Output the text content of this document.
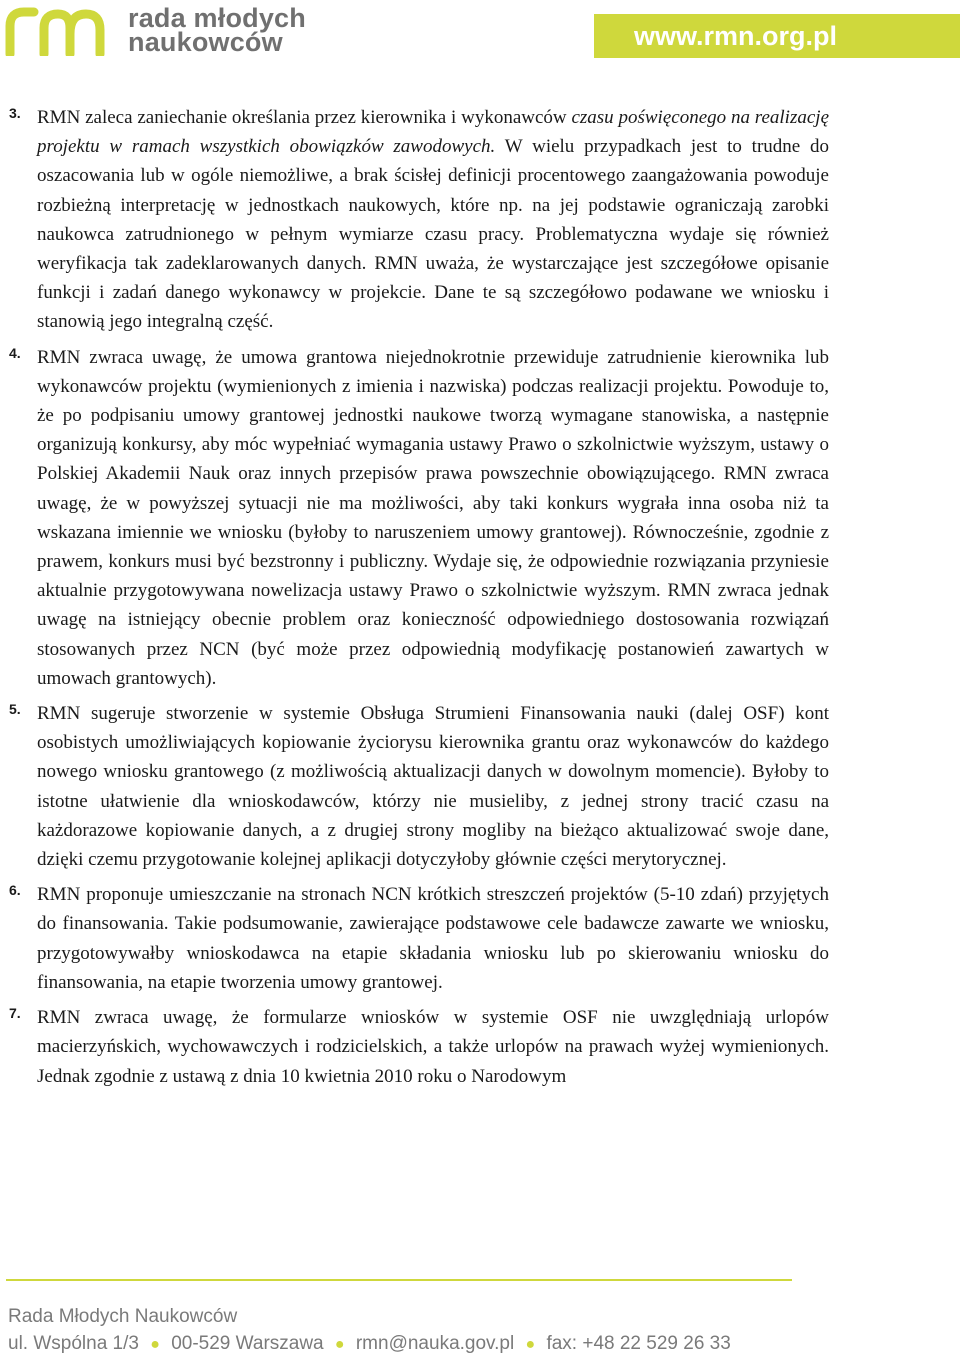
rada młodych
naukowców	www.rmn.org.pl
3. RMN zaleca zaniechanie określania przez kierownika i wykonawców czasu poświęconego na realizację projektu w ramach wszystkich obowiązków zawodowych. W wielu przypadkach jest to trudne do oszacowania lub w ogóle niemożliwe, a brak ścisłej definicji procentowego zaangażowania powoduje rozbieżną interpretację w jednostkach naukowych, które np. na jej podstawie ograniczają zarobki naukowca zatrudnionego w pełnym wymiarze czasu pracy. Problematyczna wydaje się również weryfikacja tak zadeklarowanych danych. RMN uważa, że wystarczające jest szczegółowe opisanie funkcji i zadań danego wykonawcy w projekcie. Dane te są szczegółowo podawane we wniosku i stanowią jego integralną część.

4. RMN zwraca uwagę, że umowa grantowa niejednokrotnie przewiduje zatrudnienie kierownika lub wykonawców projektu (wymienionych z imienia i nazwiska) podczas realizacji projektu. Powoduje to, że po podpisaniu umowy grantowej jednostki naukowe tworzą wymagane stanowiska, a następnie organizują konkursy, aby móc wypełniać wymagania ustawy Prawo o szkolnictwie wyższym, ustawy o Polskiej Akademii Nauk oraz innych przepisów prawa powszechnie obowiązującego. RMN zwraca uwagę, że w powyższej sytuacji nie ma możliwości, aby taki konkurs wygrała inna osoba niż ta wskazana imiennie we wniosku (byłoby to naruszeniem umowy grantowej). Równocześnie, zgodnie z prawem, konkurs musi być bezstronny i publiczny. Wydaje się, że odpowiednie rozwiązania przyniesie aktualnie przygotowywana nowelizacja ustawy Prawo o szkolnictwie wyższym. RMN zwraca jednak uwagę na istniejący obecnie problem oraz konieczność odpowiedniego dostosowania rozwiązań stosowanych przez NCN (być może przez odpowiednią modyfikację postanowień zawartych w umowach grantowych).

5. RMN sugeruje stworzenie w systemie Obsługa Strumieni Finansowania nauki (dalej OSF) kont osobistych umożliwiających kopiowanie życiorysu kierownika grantu oraz wykonawców do każdego nowego wniosku grantowego (z możliwością aktualizacji danych w dowolnym momencie). Byłoby to istotne ułatwienie dla wnioskodawców, którzy nie musieliby, z jednej strony tracić czasu na każdorazowe kopiowanie danych, a z drugiej strony mogliby na bieżąco aktualizować swoje dane, dzięki czemu przygotowanie kolejnej aplikacji dotyczyłoby głównie części merytorycznej.

6. RMN proponuje umieszczanie na stronach NCN krótkich streszczeń projektów (5-10 zdań) przyjętych do finansowania. Takie podsumowanie, zawierające podstawowe cele badawcze zawarte we wniosku, przygotowywałby wnioskodawca na etapie składania wniosku lub po skierowaniu wniosku do finansowania, na etapie tworzenia umowy grantowej.

7. RMN zwraca uwagę, że formularze wniosków w systemie OSF nie uwzględniają urlopów macierzyńskich, wychowawczych i rodzicielskich, a także urlopów na prawach wyżej wymienionych. Jednak zgodnie z ustawą z dnia 10 kwietnia 2010 roku o Narodowym

Rada Młodych Naukowców
ul. Wspólna 1/3 ● 00-529 Warszawa ● rmn@nauka.gov.pl ● fax: +48 22 529 26 33
